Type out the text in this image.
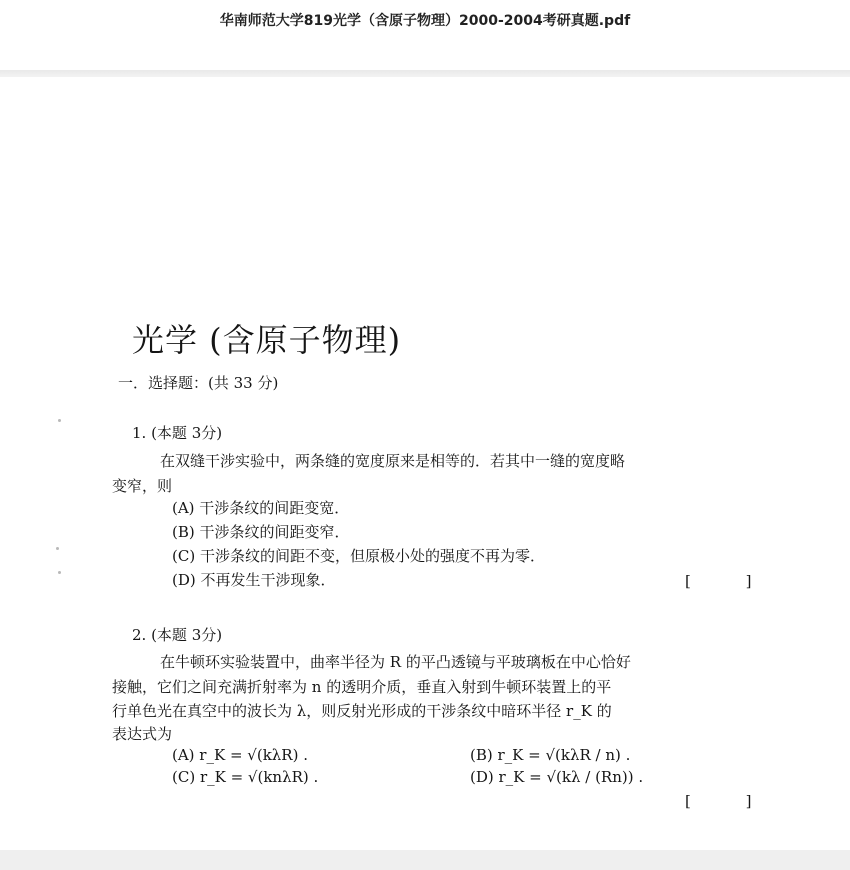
华南师范大学819光学（含原子物理）2000-2004考研真题.pdf
光学 (含原子物理)
一．选择题：(共 33 分)
1. (本题 3分)
在双缝干涉实验中，两条缝的宽度原来是相等的．若其中一缝的宽度略
变窄，则
(A) 干涉条纹的间距变宽．
(B) 干涉条纹的间距变窄．
(C) 干涉条纹的间距不变，但原极小处的强度不再为零．
(D) 不再发生干涉现象．	[ ]
2. (本题 3分)
在牛顿环实验装置中，曲率半径为 R 的平凸透镜与平玻璃板在中心恰好
接触，它们之间充满折射率为 n 的透明介质，垂直入射到牛顿环装置上的平
行单色光在真空中的波长为 λ，则反射光形成的干涉条纹中暗环半径 r_K 的
表达式为
(A) r_K = √(kλR) .	(B) r_K = √(kλR / n) .
(C) r_K = √(knλR) .	(D) r_K = √(kλ / (Rn)) .
[ ]
